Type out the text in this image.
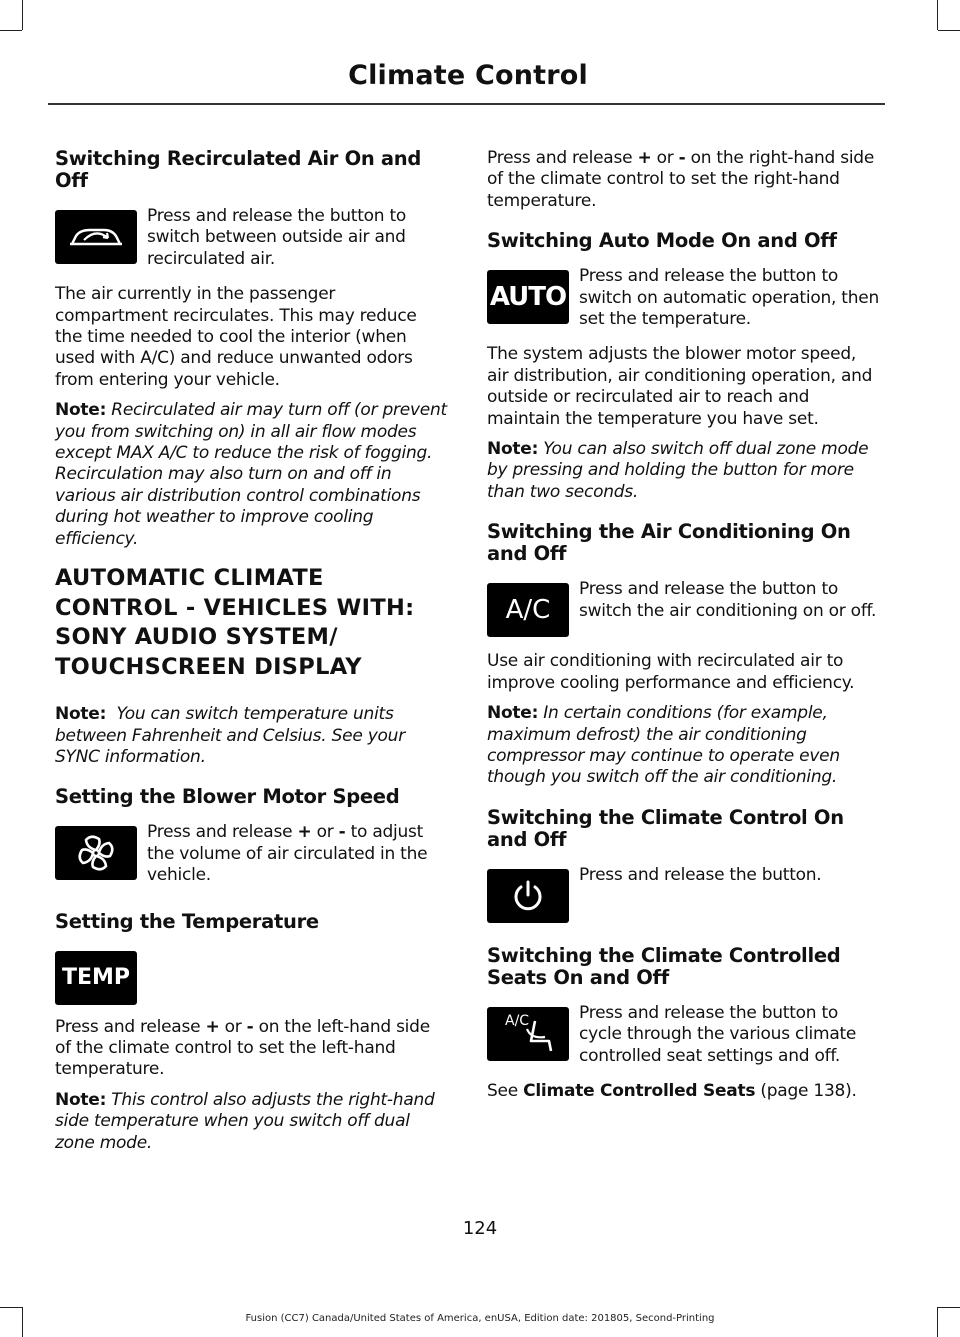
Climate Control
Switching Recirculated Air On and Off

Press and release the button to switch between outside air and recirculated air.

The air currently in the passenger compartment recirculates. This may reduce the time needed to cool the interior (when used with A/C) and reduce unwanted odors from entering your vehicle.

Note: Recirculated air may turn off (or prevent you from switching on) in all air flow modes except MAX A/C to reduce the risk of fogging. Recirculation may also turn on and off in various air distribution control combinations during hot weather to improve cooling efficiency.

AUTOMATIC CLIMATE CONTROL - VEHICLES WITH: SONY AUDIO SYSTEM/ TOUCHSCREEN DISPLAY

Note: You can switch temperature units between Fahrenheit and Celsius. See your SYNC information.

Setting the Blower Motor Speed

Press and release + or - to adjust the volume of air circulated in the vehicle.

Setting the Temperature
TEMP

Press and release + or - on the left-hand side of the climate control to set the left-hand temperature.

Note: This control also adjusts the right-hand side temperature when you switch off dual zone mode.

Press and release + or - on the right-hand side of the climate control to set the right-hand temperature.

Switching Auto Mode On and Off
AUTO

Press and release the button to switch on automatic operation, then set the temperature.

The system adjusts the blower motor speed, air distribution, air conditioning operation, and outside or recirculated air to reach and maintain the temperature you have set.

Note: You can also switch off dual zone mode by pressing and holding the button for more than two seconds.

Switching the Air Conditioning On and Off
A/C

Press and release the button to switch the air conditioning on or off.

Use air conditioning with recirculated air to improve cooling performance and efficiency.

Note: In certain conditions (for example, maximum defrost) the air conditioning compressor may continue to operate even though you switch off the air conditioning.

Switching the Climate Control On and Off

Press and release the button.

Switching the Climate Controlled Seats On and Off
A/C	Press and release the button to cycle through the various climate controlled seat settings and off.

See Climate Controlled Seats (page 138).

124
Fusion (CC7) Canada/United States of America, enUSA, Edition date: 201805, Second-Printing
